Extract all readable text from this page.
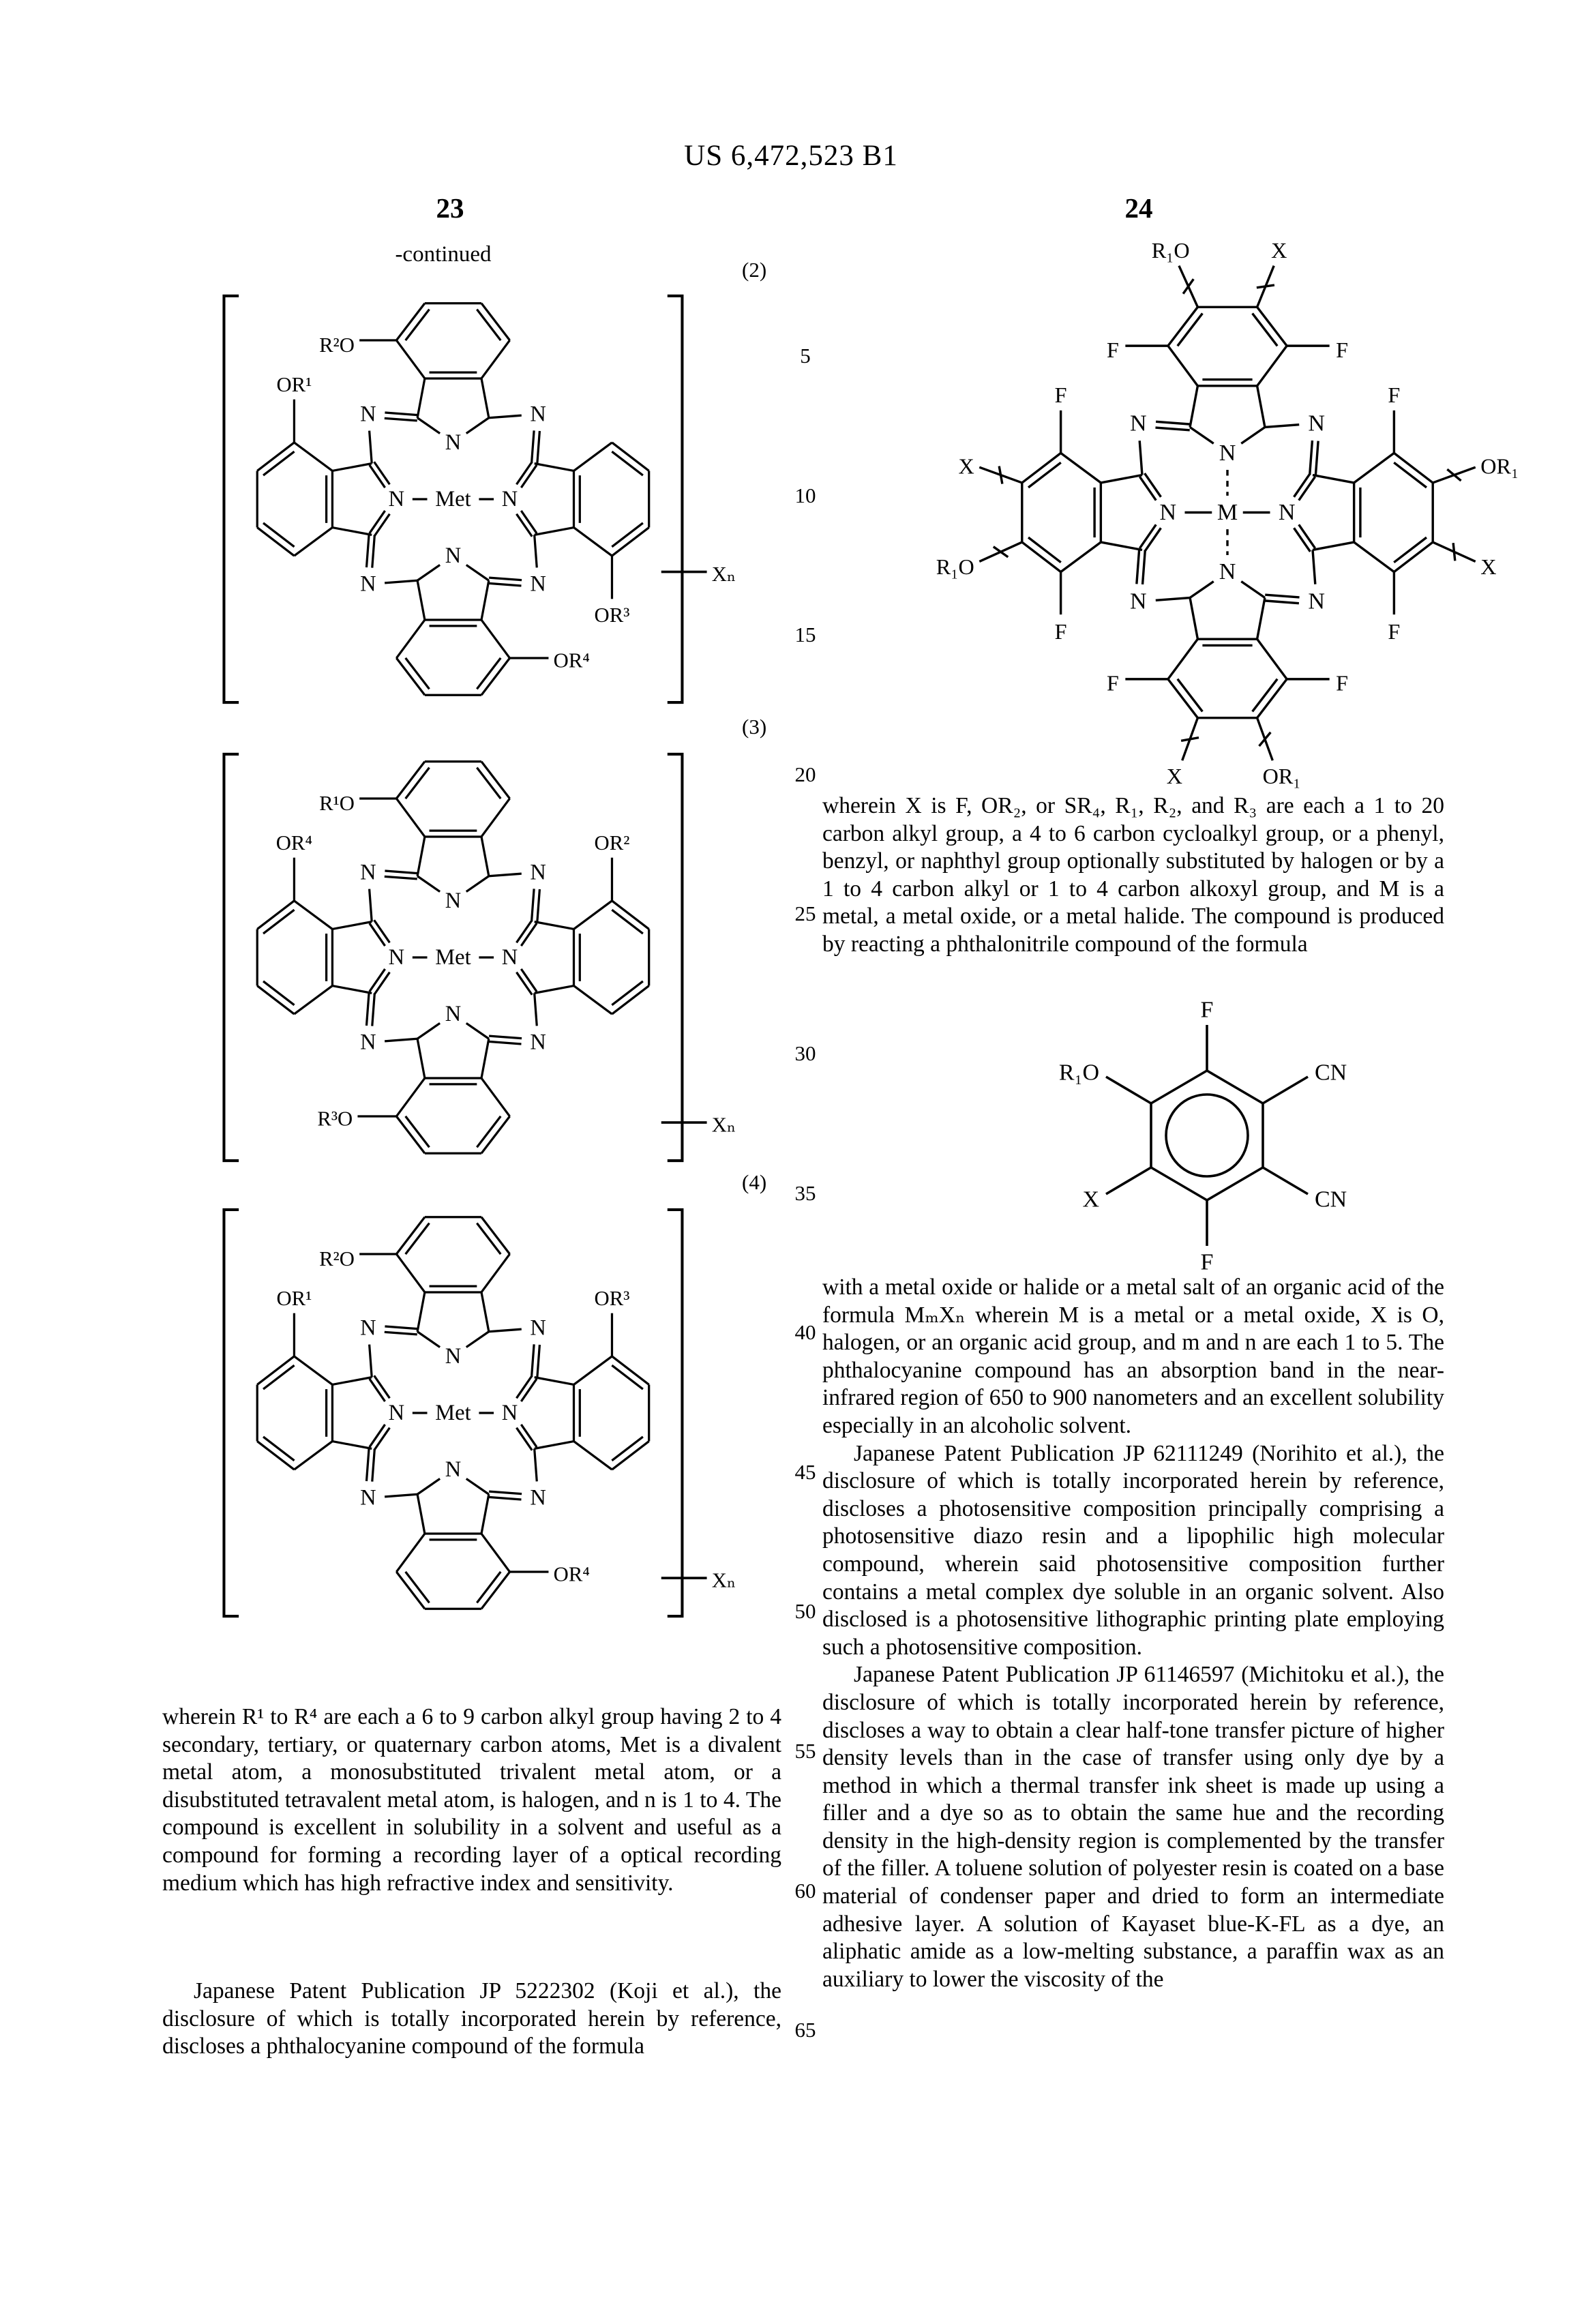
US 6,472,523 B1
23	24
-continued
(2)
(3)
(4)
N
N
N	N
N
N
N
N
Met
R²O
OR¹
OR³
OR⁴
Xₙ
N
N
N	N
N
N
N
N
Met
R¹O
OR⁴	OR²
R³O	Xₙ
N
N
N	N
N
N
N
N
Met
R²O
OR¹	OR³
OR⁴	Xₙ
N
N
N	N
N
N
N
N
M
F	F
R₁O	X
F
F
X
R₁O
F
F
OR₁
X
F	F
X	OR₁
F
R₁O	CN
CN
X
F

wherein R¹ to R⁴ are each a 6 to 9 carbon alkyl group having 2 to 4 secondary, tertiary, or quaternary carbon atoms, Met is a divalent metal atom, a monosubstituted trivalent metal atom, or a disubstituted tetravalent metal atom, is halogen, and n is 1 to 4. The compound is excellent in solubility in a solvent and useful as a compound for forming a recording layer of a optical recording medium which has high refractive index and sensitivity.

Japanese Patent Publication JP 5222302 (Koji et al.), the disclosure of which is totally incorporated herein by reference, discloses a phthalocyanine compound of the formula

wherein X is F, OR₂, or SR₄, R₁, R₂, and R₃ are each a 1 to 20 carbon alkyl group, a 4 to 6 carbon cycloalkyl group, or a phenyl, benzyl, or naphthyl group optionally substituted by halogen or by a 1 to 4 carbon alkyl or 1 to 4 carbon alkoxyl group, and M is a metal, a metal oxide, or a metal halide. The compound is produced by reacting a phthalonitrile compound of the formula

with a metal oxide or halide or a metal salt of an organic acid of the formula MₘXₙ wherein M is a metal or a metal oxide, X is O, halogen, or an organic acid group, and m and n are each 1 to 5. The phthalocyanine compound has an absorption band in the near-infrared region of 650 to 900 nanometers and an excellent solubility especially in an alcoholic solvent.

Japanese Patent Publication JP 62111249 (Norihito et al.), the disclosure of which is totally incorporated herein by reference, discloses a photosensitive composition principally comprising a photosensitive diazo resin and a lipophilic high molecular compound, wherein said photosensitive composition further contains a metal complex dye soluble in an organic solvent. Also disclosed is a photosensitive lithographic printing plate employing such a photosensitive composition.

Japanese Patent Publication JP 61146597 (Michitoku et al.), the disclosure of which is totally incorporated herein by reference, discloses a way to obtain a clear half-tone transfer picture of higher density levels than in the case of transfer using only dye by a method in which a thermal transfer ink sheet is made up using a filler and a dye so as to obtain the same hue and the recording density in the high-density region is complemented by the transfer of the filler. A toluene solution of polyester resin is coated on a base material of condenser paper and dried to form an intermediate adhesive layer. A solution of Kayaset blue-K-FL as a dye, an aliphatic amide as a low-melting substance, a paraffin wax as an auxiliary to lower the viscosity of the

5
10
15
20
25
30
35
40
45
50
55
60
65
